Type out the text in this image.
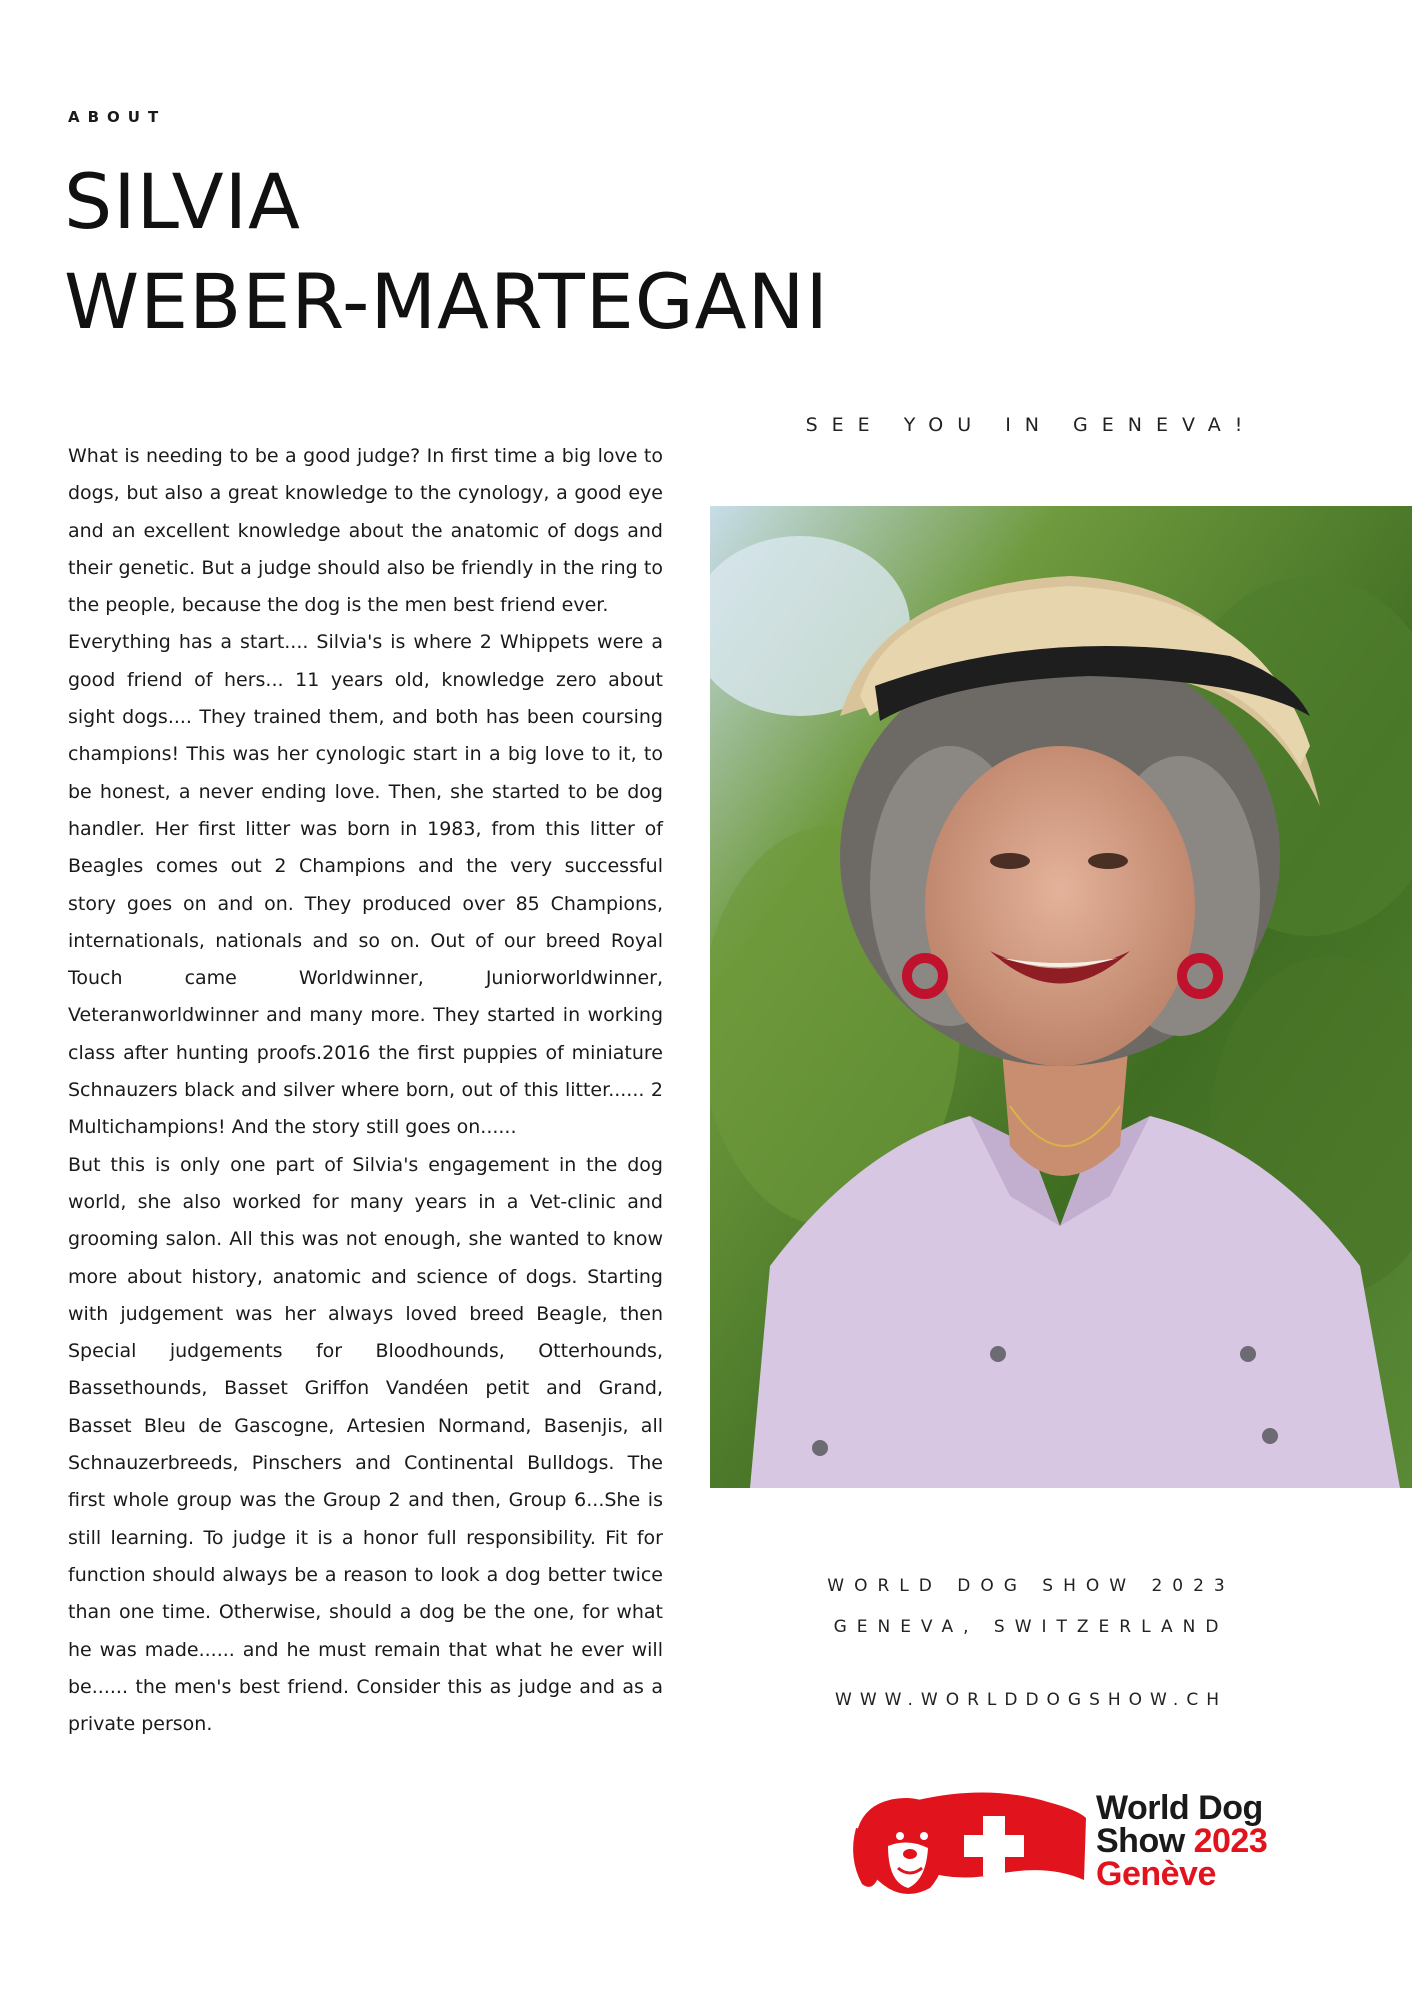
ABOUT
SILVIA
WEBER-MARTEGANI

What is needing to be a good judge? In first time a big love to dogs, but also a great knowledge to the cynology, a good eye and an excellent knowledge about the anatomic of dogs and their genetic. But a judge should also be friendly in the ring to the people, because the dog is the men best friend ever.

Everything has a start.... Silvia's is where 2 Whippets were a good friend of hers... 11 years old, knowledge zero about sight dogs.... They trained them, and both has been coursing champions! This was her cynologic start in a big love to it, to be honest, a never ending love. Then, she started to be dog handler. Her first litter was born in 1983, from this litter of Beagles comes out 2 Champions and the very successful story goes on and on. They produced over 85 Champions, internationals, nationals and so on. Out of our breed Royal Touch came Worldwinner, Juniorworldwinner, Veteranworldwinner and many more. They started in working class after hunting proofs.2016 the first puppies of miniature Schnauzers black and silver where born, out of this litter...... 2 Multichampions! And the story still goes on......

But this is only one part of Silvia's engagement in the dog world, she also worked for many years in a Vet-clinic and grooming salon. All this was not enough, she wanted to know more about history, anatomic and science of dogs. Starting with judgement was her always loved breed Beagle, then Special judgements for Bloodhounds, Otterhounds, Bassethounds, Basset Griffon Vandéen petit and Grand, Basset Bleu de Gascogne, Artesien Normand, Basenjis, all Schnauzerbreeds, Pinschers and Continental Bulldogs. The first whole group was the Group 2 and then, Group 6...She is still learning. To judge it is a honor full responsibility. Fit for function should always be a reason to look a dog better twice than one time. Otherwise, should a dog be the one, for what he was made...... and he must remain that what he ever will be...... the men's best friend. Consider this as judge and as a private person.

SEE YOU IN GENEVA!
WORLD DOG SHOW 2023
GENEVA, SWITZERLAND
WWW.WORLDDOGSHOW.CH
World Dog
Show 2023
Genève
